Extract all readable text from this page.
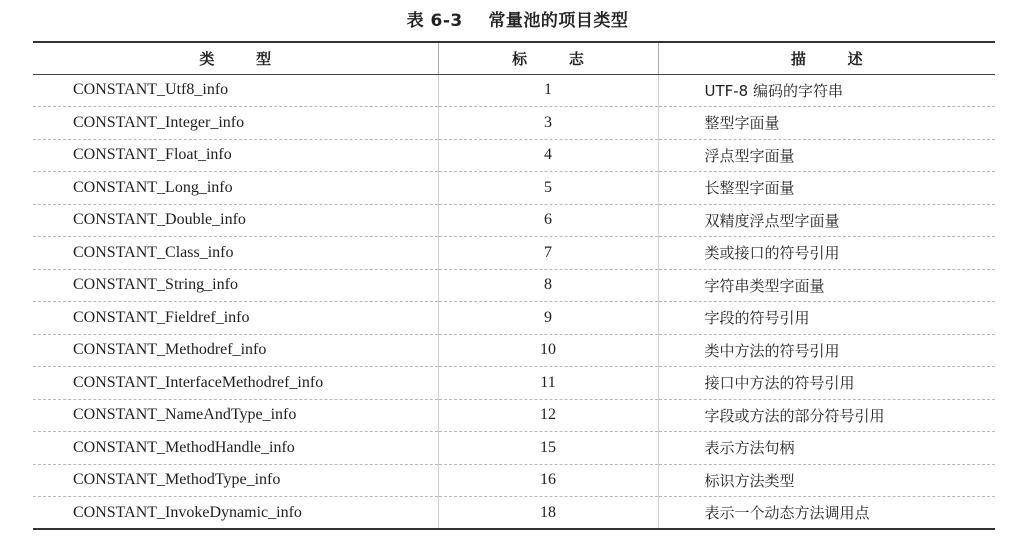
表 6-3    常量池的项目类型
类        型	标        志	描        述
CONSTANT_Utf8_info	1	UTF-8 编码的字符串
CONSTANT_Integer_info	3	整型字面量
CONSTANT_Float_info	4	浮点型字面量
CONSTANT_Long_info	5	长整型字面量
CONSTANT_Double_info	6	双精度浮点型字面量
CONSTANT_Class_info	7	类或接口的符号引用
CONSTANT_String_info	8	字符串类型字面量
CONSTANT_Fieldref_info	9	字段的符号引用
CONSTANT_Methodref_info	10	类中方法的符号引用
CONSTANT_InterfaceMethodref_info	11	接口中方法的符号引用
CONSTANT_NameAndType_info	12	字段或方法的部分符号引用
CONSTANT_MethodHandle_info	15	表示方法句柄
CONSTANT_MethodType_info	16	标识方法类型
CONSTANT_InvokeDynamic_info	18	表示一个动态方法调用点
